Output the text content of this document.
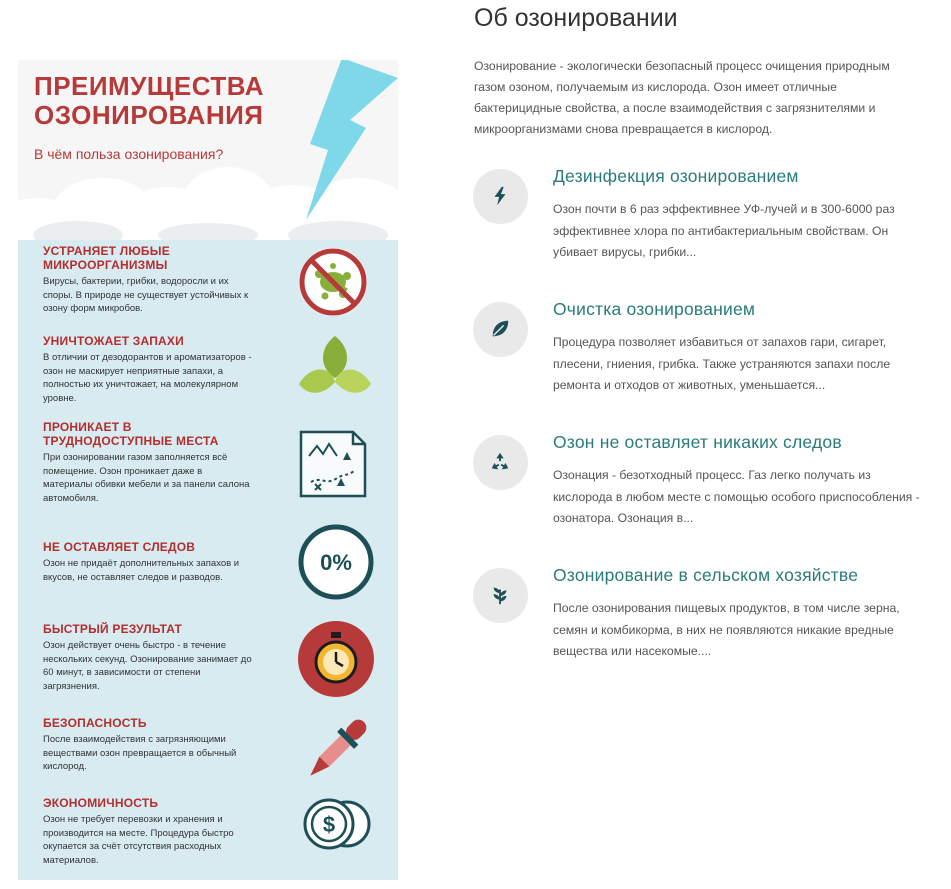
ПРЕИМУЩЕСТВА
ОЗОНИРОВАНИЯ
В чём польза озонирования?

УСТРАНЯЕТ ЛЮБЫЕ МИКРООРГАНИЗМЫ

Вирусы, бактерии, грибки, водоросли и их споры. В природе не существует устойчивых к озону форм микробов.

УНИЧТОЖАЕТ ЗАПАХИ

В отличии от дезодорантов и ароматизаторов - озон не маскирует неприятные запахи, а полностью их уничтожает, на молекулярном уровне.

ПРОНИКАЕТ В ТРУДНОДОСТУПНЫЕ МЕСТА

При озонировании газом заполняется всё помещение. Озон проникает даже в материалы обивки мебели и за панели салона автомобиля.

НЕ ОСТАВЛЯЕТ СЛЕДОВ

Озон не придаёт дополнительных запахов и вкусов, не оставляет следов и разводов.

0%

БЫСТРЫЙ РЕЗУЛЬТАТ

Озон действует очень быстро - в течение нескольких секунд. Озонирование занимает до 60 минут, в зависимости от степени загрязнения.

БЕЗОПАСНОСТЬ

После взаимодействия с загрязняющими веществами озон превращается в обычный кислород.

ЭКОНОМИЧНОСТЬ

Озон не требует перевозки и хранения и производится на месте. Процедура быстро окупается за счёт отсутствия расходных материалов.

$
Об озонировании

Озонирование - экологически безопасный процесс очищения природным газом озоном, получаемым из кислорода. Озон имеет отличные бактерицидные свойства, а после взаимодействия с загрязнителями и микроорганизмами снова превращается в кислород.

Дезинфекция озонированием

Озон почти в 6 раз эффективнее УФ-лучей и в 300-6000 раз эффективнее хлора по антибактериальным свойствам. Он убивает вирусы, грибки...

Очистка озонированием

Процедура позволяет избавиться от запахов гари, сигарет, плесени, гниения, грибка. Также устраняются запахи после ремонта и отходов от животных, уменьшается...

Озон не оставляет никаких следов

Озонация - безотходный процесс. Газ легко получать из кислорода в любом месте с помощью особого приспособления - озонатора. Озонация в...

Озонирование в сельском хозяйстве

После озонирования пищевых продуктов, в том числе зерна, семян и комбикорма, в них не появляются никакие вредные вещества или насекомые....
